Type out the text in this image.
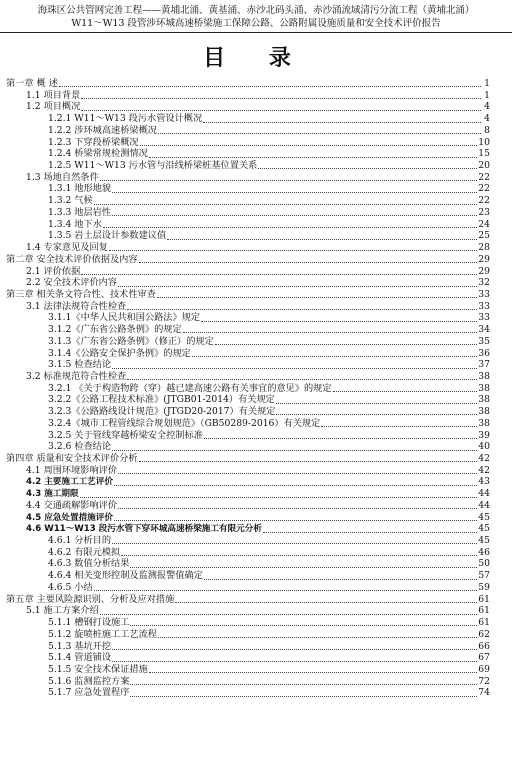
海珠区公共管网完善工程——黄埔北涌、黄基涌、赤沙北码头涌、赤沙涌流域清污分流工程（黄埔北涌）
W11～W13 段管涉环城高速桥梁施工保障公路、公路附属设施质量和安全技术评价报告
目 录
第一章 概 述	1
1.1 项目背景	1
1.2 项目概况	4
1.2.1 W11～W13 段污水管设计概况	4
1.2.2 涉环城高速桥梁概况	8
1.2.3 下穿段桥梁概况	10
1.2.4 桥梁常规检测情况	15
1.2.5 W11～W13 污水管与沿线桥梁桩基位置关系	20
1.3 场地自然条件	22
1.3.1 地形地貌	22
1.3.2 气候	22
1.3.3 地层岩性	23
1.3.4 地下水	24
1.3.5 岩土层设计参数建议值	25
1.4 专家意见及回复	28
第二章 安全技术评价依据及内容	29
2.1 评价依据	29
2.2 安全技术评价内容	32
第三章 相关条文符合性、技术性审查	33
3.1 法律法规符合性检查	33
3.1.1《中华人民共和国公路法》规定	33
3.1.2《广东省公路条例》的规定	34
3.1.3《广东省公路条例》（修正）的规定	35
3.1.4《公路安全保护条例》的规定	36
3.1.5 检查结论	37
3.2 标准规范符合性检查	38
3.2.1 《关于构造物跨（穿）越已建高速公路有关事宜的意见》的规定	38
3.2.2《公路工程技术标准》(JTGB01-2014）有关规定	38
3.2.3《公路路线设计规范》(JTGD20-2017）有关规定	38
3.2.4《城市工程管线综合规划规范》（GB50289-2016）有关规定	38
3.2.5 关于管线穿越桥梁安全控制标准	39
3.2.6 检查结论	40
第四章 质量和安全技术评价分析	42
4.1 周围环境影响评价	42
4.2 主要施工工艺评价	43
4.3 施工期限	44
4.4 交通疏解影响评价	44
4.5 应急处置措施评价	45
4.6 W11～W13 段污水管下穿环城高速桥梁施工有限元分析	45
4.6.1 分析目的	45
4.6.2 有限元模拟	46
4.6.3 数值分析结果	50
4.6.4 相关变形控制及监测报警值确定	57
4.6.5 小结	59
第五章 主要风险源识别、分析及应对措施	61
5.1 施工方案介绍	61
5.1.1 槽钢打设施工	61
5.1.2 旋喷桩施工工艺流程	62
5.1.3 基坑开挖	66
5.1.4 管道铺设	67
5.1.5 安全技术保证措施	69
5.1.6 监测监控方案	72
5.1.7 应急处置程序	74
